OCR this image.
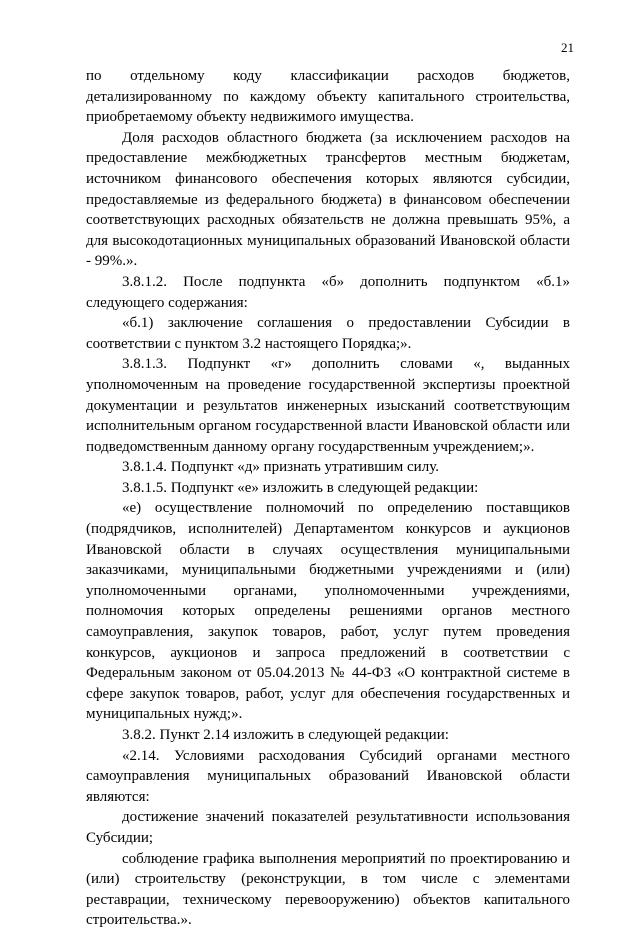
21

по отдельному коду классификации расходов бюджетов, детализированному по каждому объекту капитального строительства, приобретаемому объекту недвижимого имущества.

Доля расходов областного бюджета (за исключением расходов на предоставление межбюджетных трансфертов местным бюджетам, источником финансового обеспечения которых являются субсидии, предоставляемые из федерального бюджета) в финансовом обеспечении соответствующих расходных обязательств не должна превышать 95%, а для высокодотационных муниципальных образований Ивановской области - 99%.».

3.8.1.2. После подпункта «б» дополнить подпунктом «б.1» следующего содержания:

«б.1) заключение соглашения о предоставлении Субсидии в соответствии с пунктом 3.2 настоящего Порядка;».

3.8.1.3. Подпункт «г» дополнить словами «, выданных уполномоченным на проведение государственной экспертизы проектной документации и результатов инженерных изысканий соответствующим исполнительным органом государственной власти Ивановской области или подведомственным данному органу государственным учреждением;».

3.8.1.4. Подпункт «д» признать утратившим силу.

3.8.1.5. Подпункт «е» изложить в следующей редакции:

«е) осуществление полномочий по определению поставщиков (подрядчиков, исполнителей) Департаментом конкурсов и аукционов Ивановской области в случаях осуществления муниципальными заказчиками, муниципальными бюджетными учреждениями и (или) уполномоченными органами, уполномоченными учреждениями, полномочия которых определены решениями органов местного самоуправления, закупок товаров, работ, услуг путем проведения конкурсов, аукционов и запроса предложений в соответствии с Федеральным законом от 05.04.2013 № 44-ФЗ «О контрактной системе в сфере закупок товаров, работ, услуг для обеспечения государственных и муниципальных нужд;».

3.8.2. Пункт 2.14 изложить в следующей редакции:

«2.14. Условиями расходования Субсидий органами местного самоуправления муниципальных образований Ивановской области являются:

достижение значений показателей результативности использования Субсидии;

соблюдение графика выполнения мероприятий по проектированию и (или) строительству (реконструкции, в том числе с элементами реставрации, техническому перевооружению) объектов капитального строительства.».
